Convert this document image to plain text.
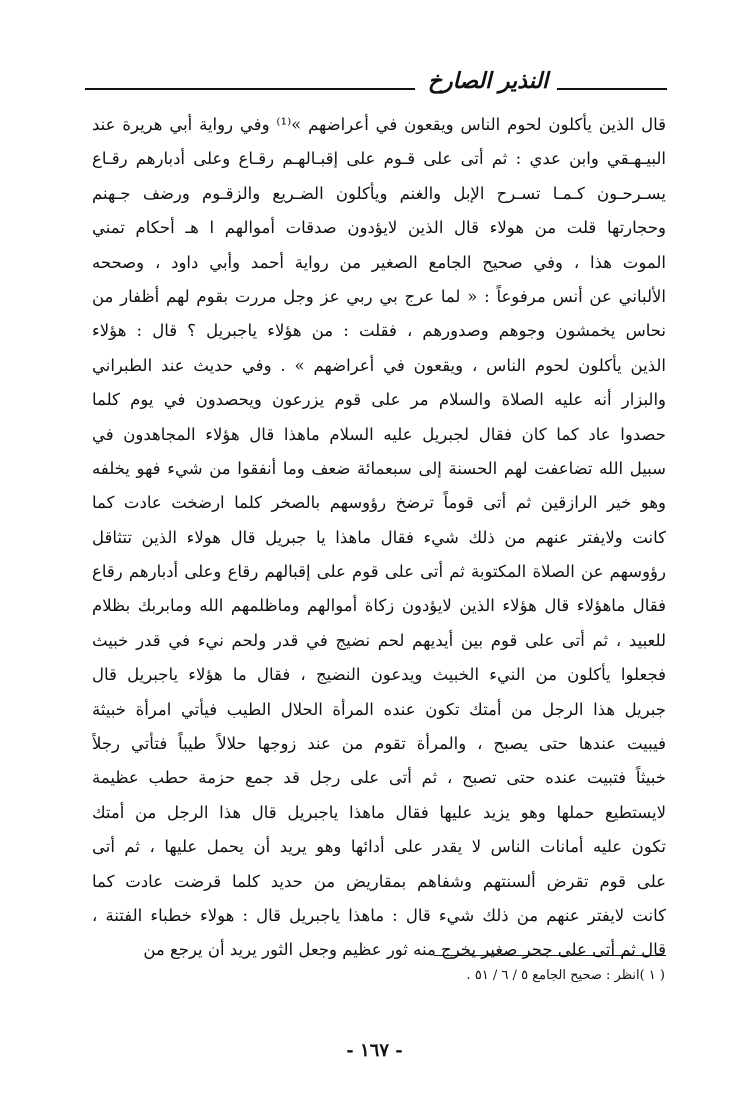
النذير الصارخ
قال الذين يأكلون لحوم الناس ويقعون في أعراضهم »⁽¹⁾ وفي رواية أبي هريرة عند
البيـهـقي وابن عدي : ثم أتى على قـوم على إقبـالهـم رقـاع وعلى أدبارهم رقـاع
يسـرحـون كـمـا تسـرح الإبل والغنم ويأكلون الضـريع والزقـوم ورضف جـهنم
وحجارتها قلت من هولاء قال الذين لايؤدون صدقات أموالهم ا هـ أحكام تمني
الموت هذا ، وفي صحيح الجامع الصغير من رواية أحمد وأبي داود ، وصححه
الألباني عن أنس مرفوعاً : « لما عرج بي ربي عز وجل مررت بقوم لهم أظفار من
نحاس يخمشون وجوهم وصدورهم ، فقلت : من هؤلاء ياجبريل ؟ قال : هؤلاء
الذين يأكلون لحوم الناس ، ويقعون في أعراضهم » . وفي حديث عند الطبراني
والبزار أنه عليه الصلاة والسلام مر على قوم يزرعون ويحصدون في يوم كلما
حصدوا عاد كما كان فقال لجبريل عليه السلام ماهذا قال هؤلاء المجاهدون في
سبيل الله تضاعفت لهم الحسنة إلى سبعمائة ضعف وما أنفقوا من شيء فهو يخلفه
وهو خير الرازقين ثم أتى قوماً ترضخ رؤوسهم بالصخر كلما ارضخت عادت كما
كانت ولايفتر عنهم من ذلك شيء فقال ماهذا يا جبريل قال هولاء الذين تتثاقل
رؤوسهم عن الصلاة المكتوبة ثم أتى على قوم على إقبالهم رقاع وعلى أدبارهم رقاع
فقال ماهؤلاء قال هؤلاء الذين لايؤدون زكاة أموالهم وماظلمهم الله ومابربك بظلام
للعبيد ، ثم أتى على قوم بين أيديهم لحم نضيج في قدر ولحم نيء في قدر خبيث
فجعلوا يأكلون من النيء الخبيث ويدعون النضيج ، فقال ما هؤلاء ياجبريل قال
جبريل هذا الرجل من أمتك تكون عنده المرأة الحلال الطيب فيأتي امرأة خبيثة
فيبيت عندها حتى يصبح ، والمرأة تقوم من عند زوجها حلالاً طيباً فتأتي رجلاً
خبيثاً فتبيت عنده حتى تصبح ، ثم أتى على رجل قد جمع حزمة حطب عظيمة
لايستطيع حملها وهو يزيد عليها فقال ماهذا ياجبريل قال هذا الرجل من أمتك
تكون عليه أمانات الناس لا يقدر على أدائها وهو يريد أن يحمل عليها ، ثم أتى
على قوم تقرض ألسنتهم وشفاهم بمقاريض من حديد كلما قرضت عادت كما
كانت لايفتر عنهم من ذلك شيء قال : ماهذا ياجبريل قال : هولاء خطباء الفتنة ،
قال ثم أتى على جحر صغير يخرج منه ثور عظيم وجعل الثور يريد أن يرجع من
( ١ )انظر : صحيح الجامع ٥ / ٦ / ٥١ .
- ١٦٧ -
